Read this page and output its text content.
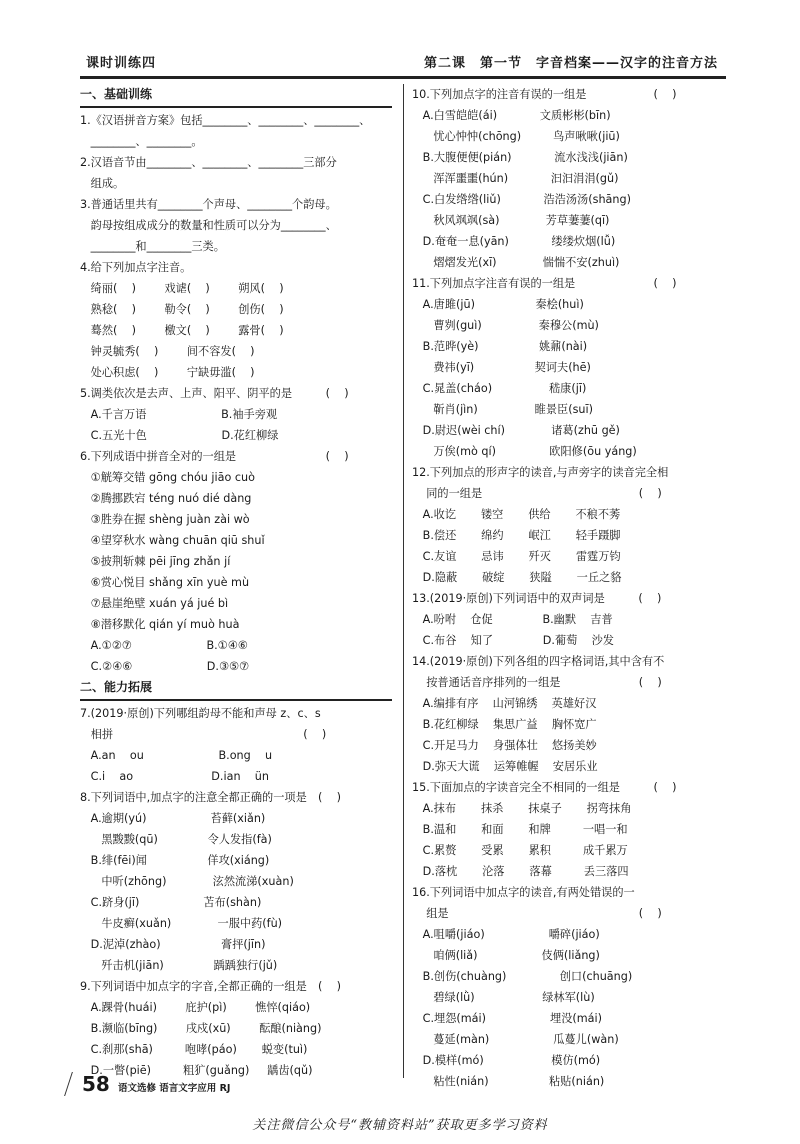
课时训练四	第二课　第一节　字音档案——汉字的注音方法
一、基础训练
1.《汉语拼音方案》包括________、________、________、
________、________。
2.汉语音节由________、________、________三部分
组成。
3.普通话里共有________个声母、________个韵母。
韵母按组成成分的数量和性质可以分为________、
________和________三类。
4.给下列加点字注音。
绮丽(    )        戏谑(    )        朔风(    )
熟稔(    )        勒令(    )        创伤(    )
蓦然(    )        檄文(    )        露骨(    )
钟灵毓秀(    )        间不容发(    )
处心积虑(    )        宁缺毋滥(    )
5.调类依次是去声、上声、阳平、阴平的是　　　(    )
A.千言万语                     B.袖手旁观
C.五光十色                     D.花红柳绿
6.下列成语中拼音全对的一组是　　　　　　　　(    )
①觥筹交错 gōng chóu jiāo cuò
②腾挪跌宕 téng nuó dié dàng
③胜券在握 shèng juàn zài wò
④望穿秋水 wàng chuān qiū shuǐ
⑤披荆斩棘 pēi jīng zhǎn jí
⑥赏心悦目 shǎng xīn yuè mù
⑦悬崖绝壁 xuán yá jué bì
⑧潜移默化 qián yí muò huà
A.①②⑦                     B.①④⑥
C.②④⑥                     D.③⑤⑦
二、能力拓展
7.(2019·原创)下列哪组韵母不能和声母 z、c、s
相拼　　　　　　　　　　　　　　　　　(    )
A.an    ou                     B.ong    u
C.i    ao                      D.ian    ün
8.下列词语中,加点字的注意全都正确的一项是　(    )
A.逾期(yú)                  苔藓(xiǎn)
黑黢黢(qū)              令人发指(fà)
B.绯(fēi)闻                 佯攻(xiáng)
中听(zhōng)             泫然流涕(xuàn)
C.跻身(jī)                  苫布(shàn)
牛皮癣(xuǎn)             一服中药(fù)
D.泥淖(zhào)                 膏抨(jīn)
歼击机(jiān)              踽踽独行(jǔ)
9.下列词语中加点字的字音,全都正确的一组是　(    )
A.踝骨(huái)        庇护(pì)        憔悴(qiáo)
B.濒临(bīng)        戌戍(xū)        酝酿(niàng)
C.刹那(shā)         咆哮(páo)       蜕变(tuì)
D.一瞥(piē)         粗犷(guǎng)     龋齿(qǔ)
10.下列加点字的注音有误的一组是　　　　　　(    )
A.白雪皑皑(ái)            文质彬彬(bīn)
忧心忡忡(chōng)         鸟声啾啾(jiū)
B.大腹便便(pián)            流水浅浅(jiān)
浑浑噩噩(hún)            汩汩涓涓(gǔ)
C.白发绺绺(liǔ)            浩浩汤汤(shāng)
秋风飒飒(sà)             芳草萋萋(qī)
D.奄奄一息(yān)            缕缕炊烟(lǚ)
熠熠发光(xī)             惴惴不安(zhuì)
11.下列加点字注音有误的一组是　　　　　　　(    )
A.唐雎(jū)                 秦桧(huì)
曹刿(guì)                秦穆公(mù)
B.范晔(yè)                 姚鼐(nài)
费祎(yī)                 契诃夫(hē)
C.晁盖(cháo)                嵇康(jī)
靳肖(jìn)                睢景臣(suī)
D.尉迟(wèi chí)             诸葛(zhū gě)
万俟(mò qí)               欧阳修(ōu yáng)
12.下列加点的形声字的读音,与声旁字的读音完全相
同的一组是　　　　　　　　　　　　　　(    )
A.收讫       镂空       供给       不稂不莠
B.偿还       绵约       岷江       轻手蹑脚
C.友谊       忌讳       歼灭       雷霆万钧
D.隐蔽       破绽       狭隘       一丘之貉
13.(2019·原创)下列词语中的双声词是　　　(    )
A.吩咐    仓促              B.幽默    吉普
C.布谷    知了              D.葡萄    沙发
14.(2019·原创)下列各组的四字格词语,其中含有不
按普通话音序排列的一组是　　　　　　　(    )
A.编排有序    山河锦绣    英雄好汉
B.花红柳绿    集思广益    胸怀宽广
C.开足马力    身强体壮    悠扬美妙
D.弥天大谎    运筹帷幄    安居乐业
15.下面加点的字读音完全不相同的一组是　　　(    )
A.抹布       抹杀       抹桌子       拐弯抹角
B.温和       和面       和牌         一唱一和
C.累赘       受累       累积         成千累万
D.落枕       沦落       落幕         丢三落四
16.下列词语中加点字的读音,有两处错误的一
组是　　　　　　　　　　　　　　　　　(    )
A.咀嚼(jiáo)                  嚼碎(jiáo)
咱俩(liǎ)                  伎俩(liǎng)
B.创伤(chuàng)               创口(chuāng)
碧绿(lǜ)                   绿林军(lù)
C.埋怨(mái)                  埋没(mái)
蔓延(màn)                  瓜蔓儿(wàn)
D.模样(mó)                   模仿(mó)
粘性(nián)                 粘贴(nián)
58 语文选修 语言文字应用 RJ
关注微信公众号“教辅资料站”获取更多学习资料
